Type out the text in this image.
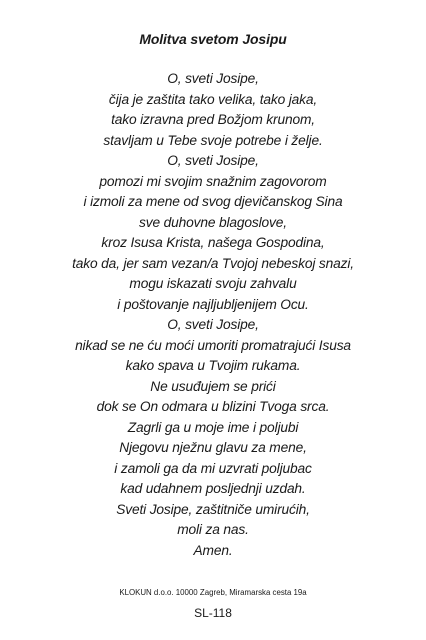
Molitva svetom Josipu
O, sveti Josipe,
čija je zaštita tako velika, tako jaka,
tako izravna pred Božjom krunom,
stavljam u Tebe svoje potrebe i želje.
O, sveti Josipe,
pomozi mi svojim snažnim zagovorom
i izmoli za mene od svog djevičanskog Sina
sve duhovne blagoslove,
kroz Isusa Krista, našega Gospodina,
tako da, jer sam vezan/a Tvojoj nebeskoj snazi,
mogu iskazati svoju zahvalu
i poštovanje najljubljenijem Ocu.
O, sveti Josipe,
nikad se ne ću moći umoriti promatrajući Isusa
kako spava u Tvojim rukama.
Ne usuđujem se prići
dok se On odmara u blizini Tvoga srca.
Zagrli ga u moje ime i poljubi
Njegovu nježnu glavu za mene,
i zamoli ga da mi uzvrati poljubac
kad udahnem posljednji uzdah.
Sveti Josipe, zaštitniče umirućih,
moli za nas.
Amen.
KLOKUN d.o.o. 10000 Zagreb, Miramarska cesta 19a
SL-118
